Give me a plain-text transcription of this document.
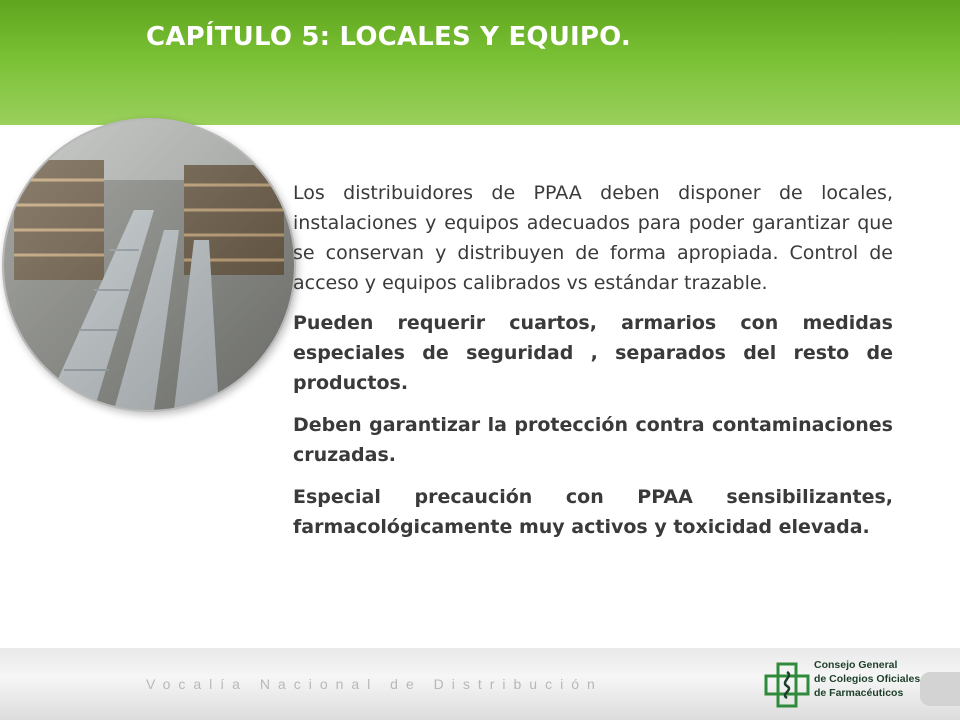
CAPÍTULO 5: LOCALES Y EQUIPO.

Los distribuidores de PPAA deben disponer de locales, instalaciones y equipos adecuados para poder garantizar que se conservan y distribuyen de forma apropiada. Control de acceso y equipos calibrados vs estándar trazable.

Pueden requerir cuartos, armarios con medidas especiales de seguridad , separados del resto de productos.

Deben garantizar la protección contra contaminaciones cruzadas.

Especial precaución con PPAA sensibilizantes, farmacológicamente muy activos y toxicidad elevada.

Vocalía Nacional de Distribución
Consejo General
de Colegios Oficiales
de Farmacéuticos
